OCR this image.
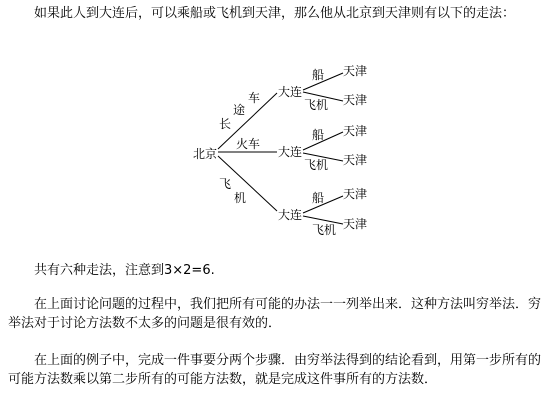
如果此人到大连后，可以乘船或飞机到天津，那么他从北京到天津则有以下的走法：

北京
长
途
车
火车
飞
机
大连
大连
大连
船
飞机
天津
天津
船
飞机
天津
天津
船
飞机
天津
天津

共有六种走法，注意到3×2=6.

在上面讨论问题的过程中，我们把所有可能的办法一一列举出来．这种方法叫穷举法．穷举法对于讨论方法数不太多的问题是很有效的．

在上面的例子中，完成一件事要分两个步骤．由穷举法得到的结论看到，用第一步所有的可能方法数乘以第二步所有的可能方法数，就是完成这件事所有的方法数．
